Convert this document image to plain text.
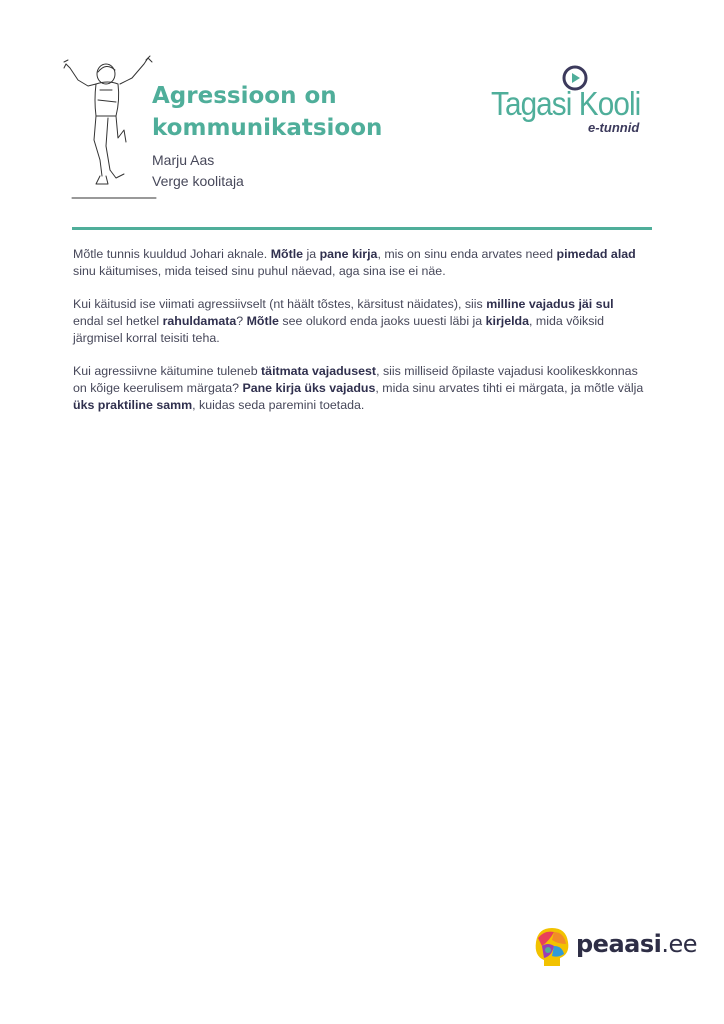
Agressioon on
kommunikatsioon
Marju Aas
Verge koolitaja
Tagasi Kooli
e-tunnid

Mõtle tunnis kuuldud Johari aknale. Mõtle ja pane kirja, mis on sinu enda arvates need pimedad alad sinu käitumises, mida teised sinu puhul näevad, aga sina ise ei näe.

Kui käitusid ise viimati agressiivselt (nt häält tõstes, kärsitust näidates), siis milline vajadus jäi sul endal sel hetkel rahuldamata? Mõtle see olukord enda jaoks uuesti läbi ja kirjelda, mida võiksid järgmisel korral teisiti teha.

Kui agressiivne käitumine tuleneb täitmata vajadusest, siis milliseid õpilaste vajadusi koolikeskkonnas on kõige keerulisem märgata? Pane kirja üks vajadus, mida sinu arvates tihti ei märgata, ja mõtle välja üks praktiline samm, kuidas seda paremini toetada.

peaasi.ee
